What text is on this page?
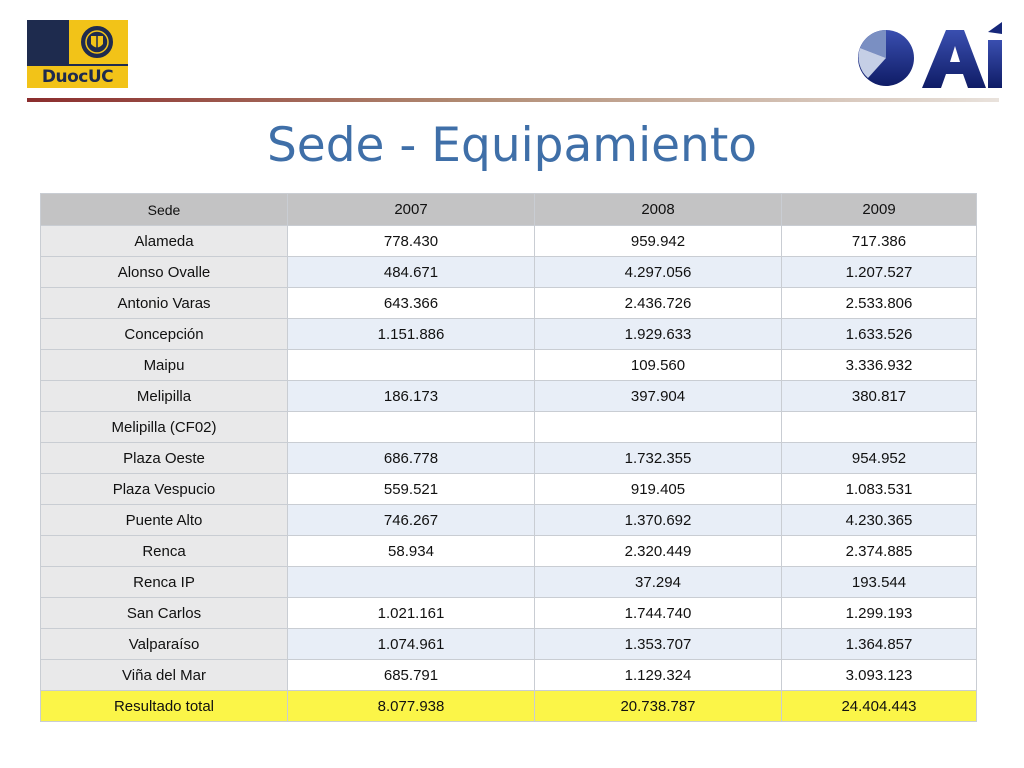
DuocUC
DAI
Sede - Equipamiento
Sede	2007	2008	2009
Alameda	778.430	959.942	717.386
Alonso Ovalle	484.671	4.297.056	1.207.527
Antonio Varas	643.366	2.436.726	2.533.806
Concepción	1.151.886	1.929.633	1.633.526
Maipu		109.560	3.336.932
Melipilla	186.173	397.904	380.817
Melipilla (CF02)			
Plaza Oeste	686.778	1.732.355	954.952
Plaza Vespucio	559.521	919.405	1.083.531
Puente Alto	746.267	1.370.692	4.230.365
Renca	58.934	2.320.449	2.374.885
Renca IP		37.294	193.544
San Carlos	1.021.161	1.744.740	1.299.193
Valparaíso	1.074.961	1.353.707	1.364.857
Viña del Mar	685.791	1.129.324	3.093.123
Resultado total	8.077.938	20.738.787	24.404.443
